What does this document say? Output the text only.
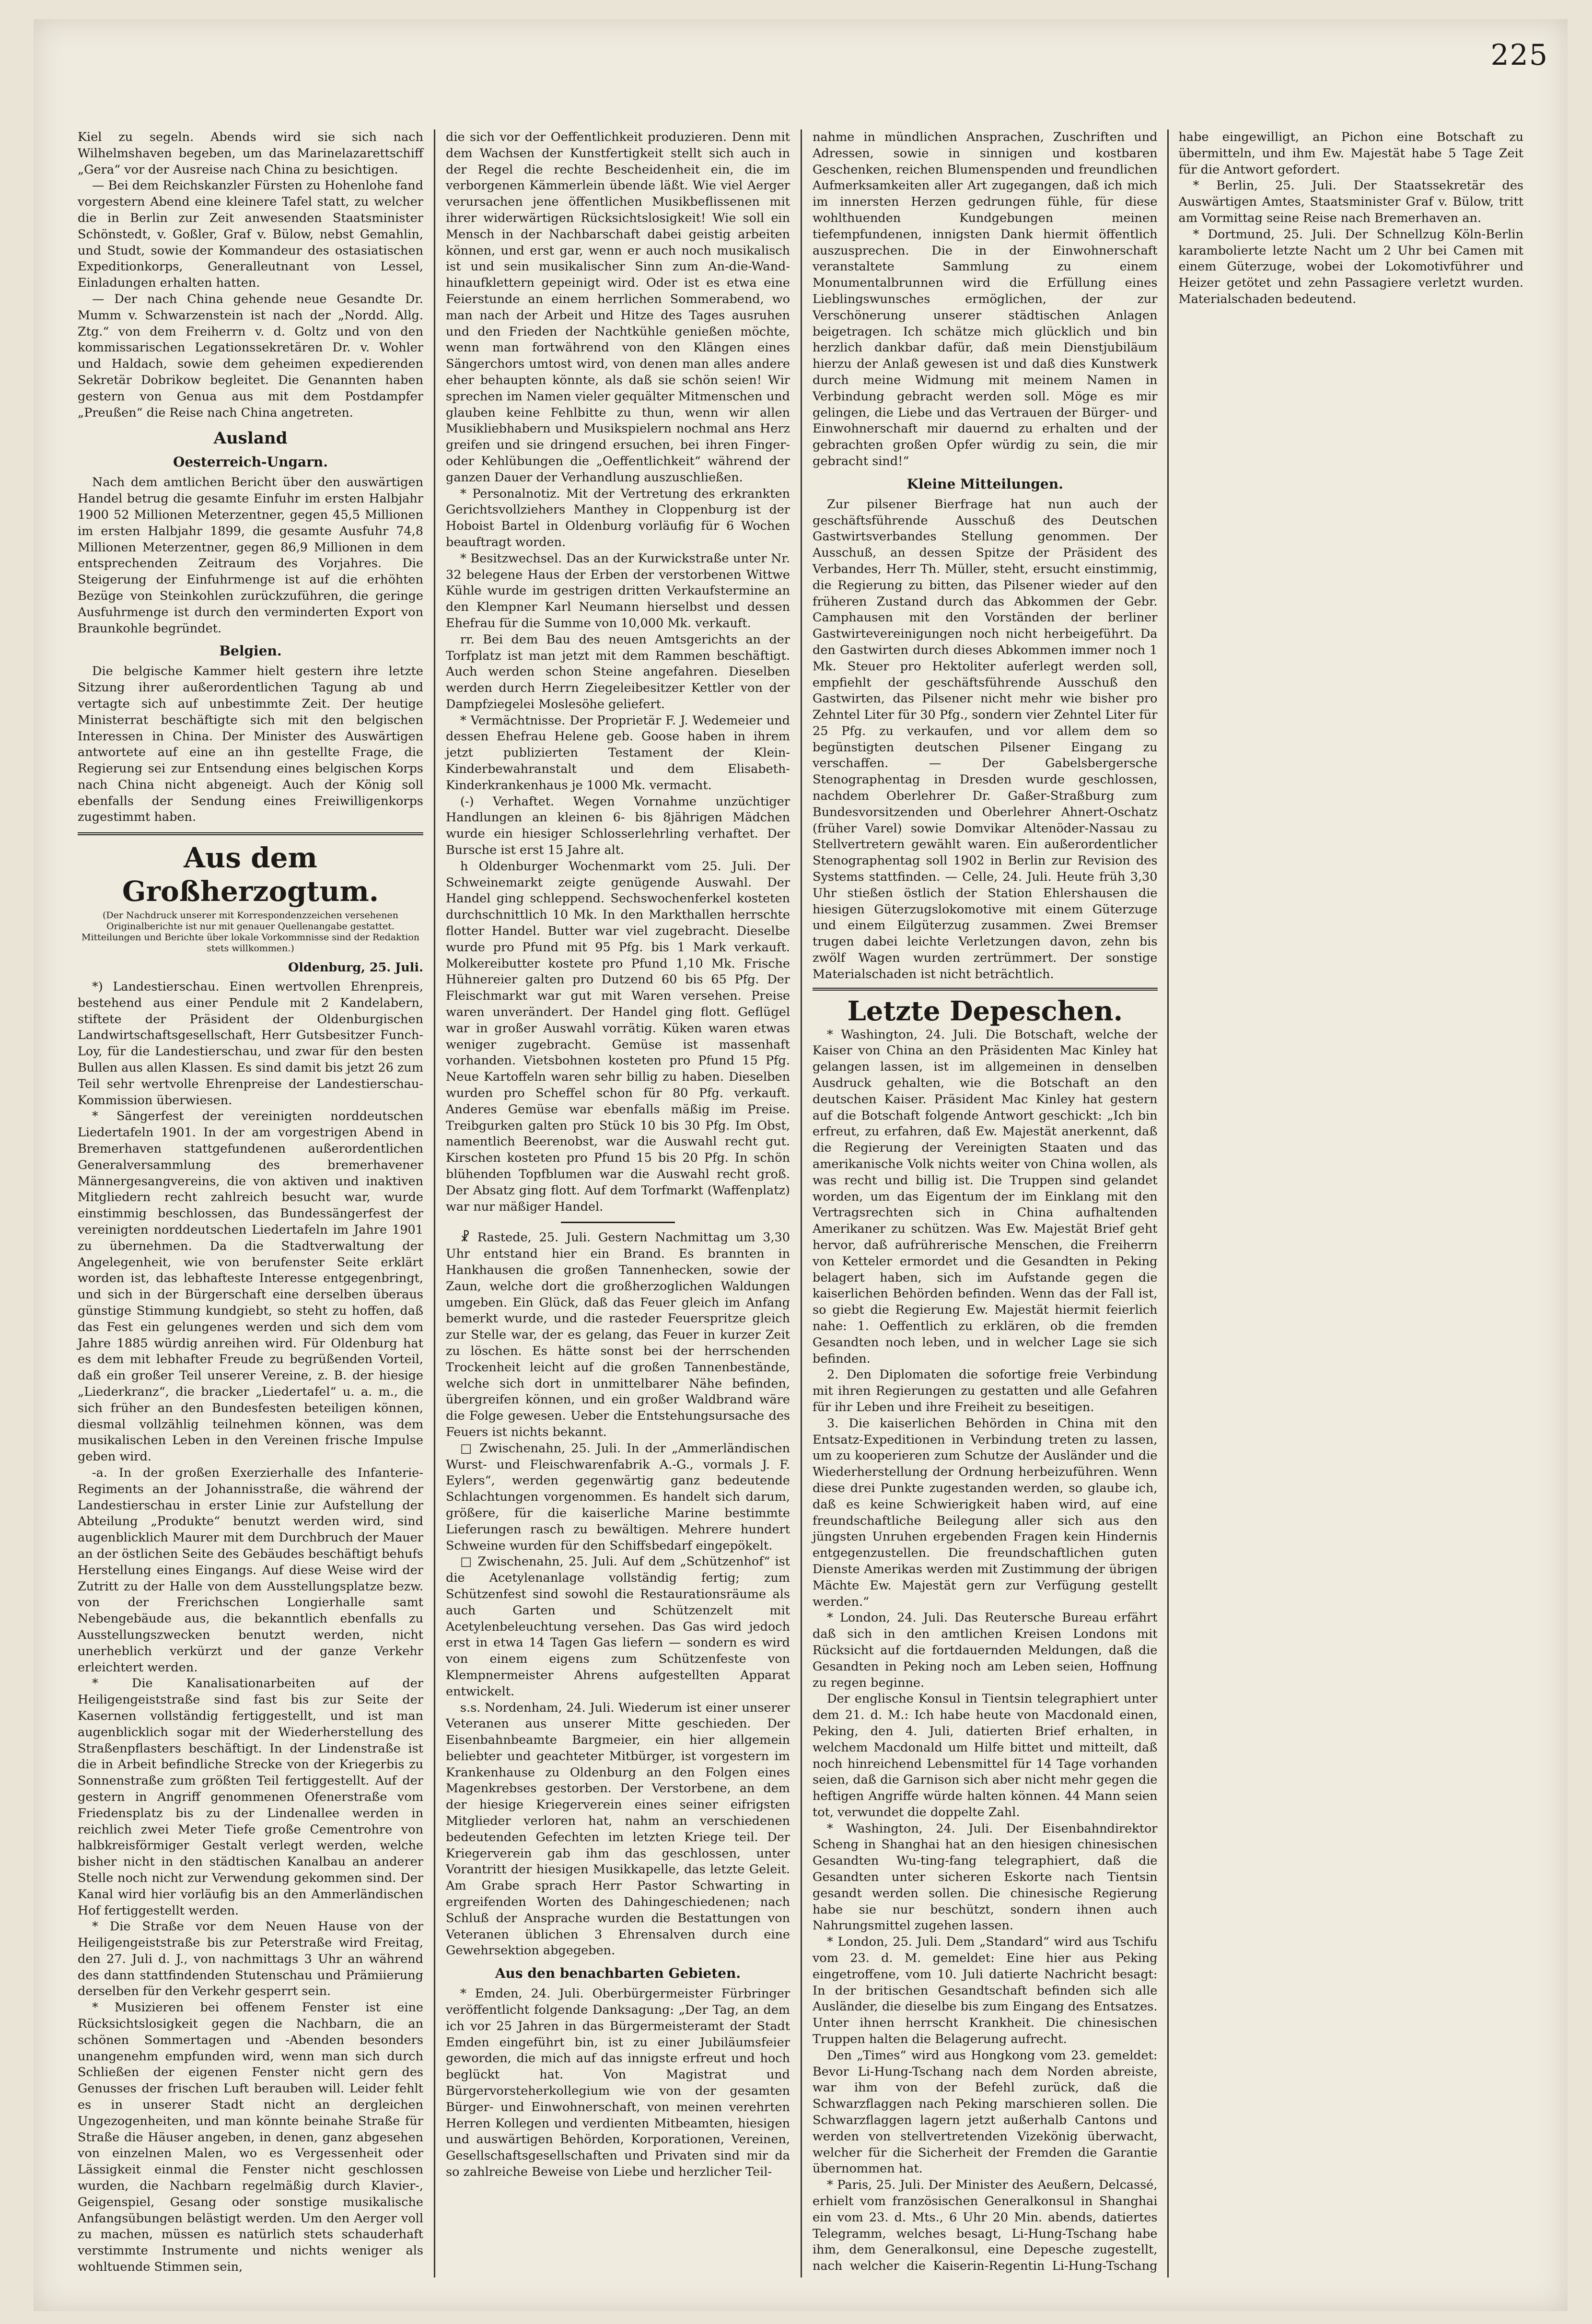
225

Kiel zu segeln. Abends wird sie sich nach Wilhelmshaven begeben, um das Marinelazarettschiff „Gera“ vor der Ausreise nach China zu besichtigen.

— Bei dem Reichskanzler Fürsten zu Hohenlohe fand vorgestern Abend eine kleinere Tafel statt, zu welcher die in Berlin zur Zeit anwesenden Staatsminister Schönstedt, v. Goßler, Graf v. Bülow, nebst Gemahlin, und Studt, sowie der Kommandeur des ostasiatischen Expeditionkorps, Generalleutnant von Lessel, Einladungen erhalten hatten.

— Der nach China gehende neue Gesandte Dr. Mumm v. Schwarzenstein ist nach der „Nordd. Allg. Ztg.“ von dem Freiherrn v. d. Goltz und von den kommissarischen Legationssekretären Dr. v. Wohler und Haldach, sowie dem geheimen expedierenden Sekretär Dobrikow begleitet. Die Genannten haben gestern von Genua aus mit dem Postdampfer „Preußen“ die Reise nach China angetreten.

Ausland
Oesterreich-Ungarn.

Nach dem amtlichen Bericht über den auswärtigen Handel betrug die gesamte Einfuhr im ersten Halbjahr 1900 52 Millionen Meterzentner, gegen 45,5 Millionen im ersten Halbjahr 1899, die gesamte Ausfuhr 74,8 Millionen Meterzentner, gegen 86,9 Millionen in dem entsprechenden Zeitraum des Vorjahres. Die Steigerung der Einfuhrmenge ist auf die erhöhten Bezüge von Steinkohlen zurückzuführen, die geringe Ausfuhrmenge ist durch den verminderten Export von Braunkohle begründet.

Belgien.

Die belgische Kammer hielt gestern ihre letzte Sitzung ihrer außerordentlichen Tagung ab und vertagte sich auf unbestimmte Zeit. Der heutige Ministerrat beschäftigte sich mit den belgischen Interessen in China. Der Minister des Auswärtigen antwortete auf eine an ihn gestellte Frage, die Regierung sei zur Entsendung eines belgischen Korps nach China nicht abgeneigt. Auch der König soll ebenfalls der Sendung eines Freiwilligenkorps zugestimmt haben.

Aus dem Großherzogtum.
(Der Nachdruck unserer mit Korrespondenzzeichen versehenen Originalberichte ist nur mit genauer Quellenangabe gestattet. Mitteilungen und Berichte über lokale Vorkommnisse sind der Redaktion stets willkommen.)
Oldenburg, 25. Juli.

*) Landestierschau. Einen wertvollen Ehrenpreis, bestehend aus einer Pendule mit 2 Kandelabern, stiftete der Präsident der Oldenburgischen Landwirtschaftsgesellschaft, Herr Gutsbesitzer Funch-Loy, für die Landestierschau, und zwar für den besten Bullen aus allen Klassen. Es sind damit bis jetzt 26 zum Teil sehr wertvolle Ehrenpreise der Landestierschau-Kommission überwiesen.

* Sängerfest der vereinigten norddeutschen Liedertafeln 1901. In der am vorgestrigen Abend in Bremerhaven stattgefundenen außerordentlichen Generalversammlung des bremerhavener Männergesangvereins, die von aktiven und inaktiven Mitgliedern recht zahlreich besucht war, wurde einstimmig beschlossen, das Bundessängerfest der vereinigten norddeutschen Liedertafeln im Jahre 1901 zu übernehmen. Da die Stadtverwaltung der Angelegenheit, wie von berufenster Seite erklärt worden ist, das lebhafteste Interesse entgegenbringt, und sich in der Bürgerschaft eine derselben überaus günstige Stimmung kundgiebt, so steht zu hoffen, daß das Fest ein gelungenes werden und sich dem vom Jahre 1885 würdig anreihen wird. Für Oldenburg hat es dem mit lebhafter Freude zu begrüßenden Vorteil, daß ein großer Teil unserer Vereine, z. B. der hiesige „Liederkranz“, die bracker „Liedertafel“ u. a. m., die sich früher an den Bundesfesten beteiligen können, diesmal vollzählig teilnehmen können, was dem musikalischen Leben in den Vereinen frische Impulse geben wird.

-a. In der großen Exerzierhalle des Infanterie-Regiments an der Johannisstraße, die während der Landestierschau in erster Linie zur Aufstellung der Abteilung „Produkte“ benutzt werden wird, sind augenblicklich Maurer mit dem Durchbruch der Mauer an der östlichen Seite des Gebäudes beschäftigt behufs Herstellung eines Eingangs. Auf diese Weise wird der Zutritt zu der Halle von dem Ausstellungsplatze bezw. von der Frerichschen Longierhalle samt Nebengebäude aus, die bekanntlich ebenfalls zu Ausstellungszwecken benutzt werden, nicht unerheblich verkürzt und der ganze Verkehr erleichtert werden.

* Die Kanalisationarbeiten auf der Heiligengeiststraße sind fast bis zur Seite der Kasernen vollständig fertiggestellt, und ist man augenblicklich sogar mit der Wiederherstellung des Straßenpflasters beschäftigt. In der Lindenstraße ist die in Arbeit befindliche Strecke von der Kriegerbis zu Sonnenstraße zum größten Teil fertiggestellt. Auf der gestern in Angriff genommenen Ofenerstraße vom Friedensplatz bis zu der Lindenallee werden in reichlich zwei Meter Tiefe große Cementrohre von halbkreisförmiger Gestalt verlegt werden, welche bisher nicht in den städtischen Kanalbau an anderer Stelle noch nicht zur Verwendung gekommen sind. Der Kanal wird hier vorläufig bis an den Ammerländischen Hof fertiggestellt werden.

* Die Straße vor dem Neuen Hause von der Heiligengeiststraße bis zur Peterstraße wird Freitag, den 27. Juli d. J., von nachmittags 3 Uhr an während des dann stattfindenden Stutenschau und Prämiierung derselben für den Verkehr gesperrt sein.

* Musizieren bei offenem Fenster ist eine Rücksichtslosigkeit gegen die Nachbarn, die an schönen Sommertagen und -Abenden besonders unangenehm empfunden wird, wenn man sich durch Schließen der eigenen Fenster nicht gern des Genusses der frischen Luft berauben will. Leider fehlt es in unserer Stadt nicht an dergleichen Ungezogenheiten, und man könnte beinahe Straße für Straße die Häuser angeben, in denen, ganz abgesehen von einzelnen Malen, wo es Vergessenheit oder Lässigkeit einmal die Fenster nicht geschlossen wurden, die Nachbarn regelmäßig durch Klavier-, Geigenspiel, Gesang oder sonstige musikalische Anfangsübungen belästigt werden. Um den Aerger voll zu machen, müssen es natürlich stets schauderhaft verstimmte Instrumente und nichts weniger als wohltuende Stimmen sein,

die sich vor der Oeffentlichkeit produzieren. Denn mit dem Wachsen der Kunstfertigkeit stellt sich auch in der Regel die rechte Bescheidenheit ein, die im verborgenen Kämmerlein übende läßt. Wie viel Aerger verursachen jene öffentlichen Musikbeflissenen mit ihrer widerwärtigen Rücksichtslosigkeit! Wie soll ein Mensch in der Nachbarschaft dabei geistig arbeiten können, und erst gar, wenn er auch noch musikalisch ist und sein musikalischer Sinn zum An-die-Wand-hinaufklettern gepeinigt wird. Oder ist es etwa eine Feierstunde an einem herrlichen Sommerabend, wo man nach der Arbeit und Hitze des Tages ausruhen und den Frieden der Nachtkühle genießen möchte, wenn man fortwährend von den Klängen eines Sängerchors umtost wird, von denen man alles andere eher behaupten könnte, als daß sie schön seien! Wir sprechen im Namen vieler gequälter Mitmenschen und glauben keine Fehlbitte zu thun, wenn wir allen Musikliebhabern und Musikspielern nochmal ans Herz greifen und sie dringend ersuchen, bei ihren Finger- oder Kehlübungen die „Oeffentlichkeit“ während der ganzen Dauer der Verhandlung auszuschließen.

* Personalnotiz. Mit der Vertretung des erkrankten Gerichtsvollziehers Manthey in Cloppenburg ist der Hoboist Bartel in Oldenburg vorläufig für 6 Wochen beauftragt worden.

* Besitzwechsel. Das an der Kurwickstraße unter Nr. 32 belegene Haus der Erben der verstorbenen Wittwe Kühle wurde im gestrigen dritten Verkaufstermine an den Klempner Karl Neumann hierselbst und dessen Ehefrau für die Summe von 10,000 Mk. verkauft.

rr. Bei dem Bau des neuen Amtsgerichts an der Torfplatz ist man jetzt mit dem Rammen beschäftigt. Auch werden schon Steine angefahren. Dieselben werden durch Herrn Ziegeleibesitzer Kettler von der Dampfziegelei Moslesöhe geliefert.

* Vermächtnisse. Der Proprietär F. J. Wedemeier und dessen Ehefrau Helene geb. Goose haben in ihrem jetzt publizierten Testament der Klein-Kinderbewahranstalt und dem Elisabeth-Kinderkrankenhaus je 1000 Mk. vermacht.

(-) Verhaftet. Wegen Vornahme unzüchtiger Handlungen an kleinen 6- bis 8jährigen Mädchen wurde ein hiesiger Schlosserlehrling verhaftet. Der Bursche ist erst 15 Jahre alt.

h Oldenburger Wochenmarkt vom 25. Juli. Der Schweinemarkt zeigte genügende Auswahl. Der Handel ging schleppend. Sechswochenferkel kosteten durchschnittlich 10 Mk. In den Markthallen herrschte flotter Handel. Butter war viel zugebracht. Dieselbe wurde pro Pfund mit 95 Pfg. bis 1 Mark verkauft. Molkereibutter kostete pro Pfund 1,10 Mk. Frische Hühnereier galten pro Dutzend 60 bis 65 Pfg. Der Fleischmarkt war gut mit Waren versehen. Preise waren unverändert. Der Handel ging flott. Geflügel war in großer Auswahl vorrätig. Küken waren etwas weniger zugebracht. Gemüse ist massenhaft vorhanden. Vietsbohnen kosteten pro Pfund 15 Pfg. Neue Kartoffeln waren sehr billig zu haben. Dieselben wurden pro Scheffel schon für 80 Pfg. verkauft. Anderes Gemüse war ebenfalls mäßig im Preise. Treibgurken galten pro Stück 10 bis 30 Pfg. Im Obst, namentlich Beerenobst, war die Auswahl recht gut. Kirschen kosteten pro Pfund 15 bis 20 Pfg. In schön blühenden Topfblumen war die Auswahl recht groß. Der Absatz ging flott. Auf dem Torfmarkt (Waffenplatz) war nur mäßiger Handel.

☧ Rastede, 25. Juli. Gestern Nachmittag um 3,30 Uhr entstand hier ein Brand. Es brannten in Hankhausen die großen Tannenhecken, sowie der Zaun, welche dort die großherzoglichen Waldungen umgeben. Ein Glück, daß das Feuer gleich im Anfang bemerkt wurde, und die rasteder Feuerspritze gleich zur Stelle war, der es gelang, das Feuer in kurzer Zeit zu löschen. Es hätte sonst bei der herrschenden Trockenheit leicht auf die großen Tannenbestände, welche sich dort in unmittelbarer Nähe befinden, übergreifen können, und ein großer Waldbrand wäre die Folge gewesen. Ueber die Entstehungsursache des Feuers ist nichts bekannt.

□ Zwischenahn, 25. Juli. In der „Ammerländischen Wurst- und Fleischwarenfabrik A.-G., vormals J. F. Eylers“, werden gegenwärtig ganz bedeutende Schlachtungen vorgenommen. Es handelt sich darum, größere, für die kaiserliche Marine bestimmte Lieferungen rasch zu bewältigen. Mehrere hundert Schweine wurden für den Schiffsbedarf eingepökelt.

□ Zwischenahn, 25. Juli. Auf dem „Schützenhof“ ist die Acetylenanlage vollständig fertig; zum Schützenfest sind sowohl die Restaurationsräume als auch Garten und Schützenzelt mit Acetylenbeleuchtung versehen. Das Gas wird jedoch erst in etwa 14 Tagen Gas liefern — sondern es wird von einem eigens zum Schützenfeste von Klempnermeister Ahrens aufgestellten Apparat entwickelt.

s.s. Nordenham, 24. Juli. Wiederum ist einer unserer Veteranen aus unserer Mitte geschieden. Der Eisenbahnbeamte Bargmeier, ein hier allgemein beliebter und geachteter Mitbürger, ist vorgestern im Krankenhause zu Oldenburg an den Folgen eines Magenkrebses gestorben. Der Verstorbene, an dem der hiesige Kriegerverein eines seiner eifrigsten Mitglieder verloren hat, nahm an verschiedenen bedeutenden Gefechten im letzten Kriege teil. Der Kriegerverein gab ihm das geschlossen, unter Vorantritt der hiesigen Musikkapelle, das letzte Geleit. Am Grabe sprach Herr Pastor Schwarting in ergreifenden Worten des Dahingeschiedenen; nach Schluß der Ansprache wurden die Bestattungen von Veteranen üblichen 3 Ehrensalven durch eine Gewehrsektion abgegeben.

Aus den benachbarten Gebieten.

* Emden, 24. Juli. Oberbürgermeister Fürbringer veröffentlicht folgende Danksagung: „Der Tag, an dem ich vor 25 Jahren in das Bürgermeisteramt der Stadt Emden eingeführt bin, ist zu einer Jubiläumsfeier geworden, die mich auf das innigste erfreut und hoch beglückt hat. Von Magistrat und Bürgervorsteherkollegium wie von der gesamten Bürger- und Einwohnerschaft, von meinen verehrten Herren Kollegen und verdienten Mitbeamten, hiesigen und auswärtigen Behörden, Korporationen, Vereinen, Gesellschaftsgesellschaften und Privaten sind mir da so zahlreiche Beweise von Liebe und herzlicher Teil-

nahme in mündlichen Ansprachen, Zuschriften und Adressen, sowie in sinnigen und kostbaren Geschenken, reichen Blumenspenden und freundlichen Aufmerksamkeiten aller Art zugegangen, daß ich mich im innersten Herzen gedrungen fühle, für diese wohlthuenden Kundgebungen meinen tiefempfundenen, innigsten Dank hiermit öffentlich auszusprechen. Die in der Einwohnerschaft veranstaltete Sammlung zu einem Monumentalbrunnen wird die Erfüllung eines Lieblingswunsches ermöglichen, der zur Verschönerung unserer städtischen Anlagen beigetragen. Ich schätze mich glücklich und bin herzlich dankbar dafür, daß mein Dienstjubiläum hierzu der Anlaß gewesen ist und daß dies Kunstwerk durch meine Widmung mit meinem Namen in Verbindung gebracht werden soll. Möge es mir gelingen, die Liebe und das Vertrauen der Bürger- und Einwohnerschaft mir dauernd zu erhalten und der gebrachten großen Opfer würdig zu sein, die mir gebracht sind!“

Kleine Mitteilungen.

Zur pilsener Bierfrage hat nun auch der geschäftsführende Ausschuß des Deutschen Gastwirtsverbandes Stellung genommen. Der Ausschuß, an dessen Spitze der Präsident des Verbandes, Herr Th. Müller, steht, ersucht einstimmig, die Regierung zu bitten, das Pilsener wieder auf den früheren Zustand durch das Abkommen der Gebr. Camphausen mit den Vorständen der berliner Gastwirtevereinigungen noch nicht herbeigeführt. Da den Gastwirten durch dieses Abkommen immer noch 1 Mk. Steuer pro Hektoliter auferlegt werden soll, empfiehlt der geschäftsführende Ausschuß den Gastwirten, das Pilsener nicht mehr wie bisher pro Zehntel Liter für 30 Pfg., sondern vier Zehntel Liter für 25 Pfg. zu verkaufen, und vor allem dem so begünstigten deutschen Pilsener Eingang zu verschaffen. — Der Gabelsbergersche Stenographentag in Dresden wurde geschlossen, nachdem Oberlehrer Dr. Gaßer-Straßburg zum Bundesvorsitzenden und Oberlehrer Ahnert-Oschatz (früher Varel) sowie Domvikar Altenöder-Nassau zu Stellvertretern gewählt waren. Ein außerordentlicher Stenographentag soll 1902 in Berlin zur Revision des Systems stattfinden. — Celle, 24. Juli. Heute früh 3,30 Uhr stießen östlich der Station Ehlershausen die hiesigen Güterzugslokomotive mit einem Güterzuge und einem Eilgüterzug zusammen. Zwei Bremser trugen dabei leichte Verletzungen davon, zehn bis zwölf Wagen wurden zertrümmert. Der sonstige Materialschaden ist nicht beträchtlich.

Letzte Depeschen.

* Washington, 24. Juli. Die Botschaft, welche der Kaiser von China an den Präsidenten Mac Kinley hat gelangen lassen, ist im allgemeinen in denselben Ausdruck gehalten, wie die Botschaft an den deutschen Kaiser. Präsident Mac Kinley hat gestern auf die Botschaft folgende Antwort geschickt: „Ich bin erfreut, zu erfahren, daß Ew. Majestät anerkennt, daß die Regierung der Vereinigten Staaten und das amerikanische Volk nichts weiter von China wollen, als was recht und billig ist. Die Truppen sind gelandet worden, um das Eigentum der im Einklang mit den Vertragsrechten sich in China aufhaltenden Amerikaner zu schützen. Was Ew. Majestät Brief geht hervor, daß aufrührerische Menschen, die Freiherrn von Ketteler ermordet und die Gesandten in Peking belagert haben, sich im Aufstande gegen die kaiserlichen Behörden befinden. Wenn das der Fall ist, so giebt die Regierung Ew. Majestät hiermit feierlich nahe: 1. Oeffentlich zu erklären, ob die fremden Gesandten noch leben, und in welcher Lage sie sich befinden.

2. Den Diplomaten die sofortige freie Verbindung mit ihren Regierungen zu gestatten und alle Gefahren für ihr Leben und ihre Freiheit zu beseitigen.

3. Die kaiserlichen Behörden in China mit den Entsatz-Expeditionen in Verbindung treten zu lassen, um zu kooperieren zum Schutze der Ausländer und die Wiederherstellung der Ordnung herbeizuführen. Wenn diese drei Punkte zugestanden werden, so glaube ich, daß es keine Schwierigkeit haben wird, auf eine freundschaftliche Beilegung aller sich aus den jüngsten Unruhen ergebenden Fragen kein Hindernis entgegenzustellen. Die freundschaftlichen guten Dienste Amerikas werden mit Zustimmung der übrigen Mächte Ew. Majestät gern zur Verfügung gestellt werden.“

* London, 24. Juli. Das Reutersche Bureau erfährt daß sich in den amtlichen Kreisen Londons mit Rücksicht auf die fortdauernden Meldungen, daß die Gesandten in Peking noch am Leben seien, Hoffnung zu regen beginne.

Der englische Konsul in Tientsin telegraphiert unter dem 21. d. M.: Ich habe heute von Macdonald einen, Peking, den 4. Juli, datierten Brief erhalten, in welchem Macdonald um Hilfe bittet und mitteilt, daß noch hinreichend Lebensmittel für 14 Tage vorhanden seien, daß die Garnison sich aber nicht mehr gegen die heftigen Angriffe würde halten können. 44 Mann seien tot, verwundet die doppelte Zahl.

* Washington, 24. Juli. Der Eisenbahndirektor Scheng in Shanghai hat an den hiesigen chinesischen Gesandten Wu-ting-fang telegraphiert, daß die Gesandten unter sicheren Eskorte nach Tientsin gesandt werden sollen. Die chinesische Regierung habe sie nur beschützt, sondern ihnen auch Nahrungsmittel zugehen lassen.

* London, 25. Juli. Dem „Standard“ wird aus Tschifu vom 23. d. M. gemeldet: Eine hier aus Peking eingetroffene, vom 10. Juli datierte Nachricht besagt: In der britischen Gesandtschaft befinden sich alle Ausländer, die dieselbe bis zum Eingang des Entsatzes. Unter ihnen herrscht Krankheit. Die chinesischen Truppen halten die Belagerung aufrecht.

Den „Times“ wird aus Hongkong vom 23. gemeldet: Bevor Li-Hung-Tschang nach dem Norden abreiste, war ihm von der Befehl zurück, daß die Schwarzflaggen nach Peking marschieren sollen. Die Schwarzflaggen lagern jetzt außerhalb Cantons und werden von stellvertretenden Vizekönig überwacht, welcher für die Sicherheit der Fremden die Garantie übernommen hat.

* Paris, 25. Juli. Der Minister des Aeußern, Delcassé, erhielt vom französischen Generalkonsul in Shanghai ein vom 23. d. Mts., 6 Uhr 20 Min. abends, datiertes Telegramm, welches besagt, Li-Hung-Tschang habe ihm, dem Generalkonsul, eine Depesche zugestellt, nach welcher die Kaiserin-Regentin Li-Hung-Tschang habe eingewilligt, an Pichon eine Botschaft zu übermitteln, und ihm Ew. Majestät habe 5 Tage Zeit für die Antwort gefordert.

* Berlin, 25. Juli. Der Staatssekretär des Auswärtigen Amtes, Staatsminister Graf v. Bülow, tritt am Vormittag seine Reise nach Bremerhaven an.

* Dortmund, 25. Juli. Der Schnellzug Köln-Berlin karambolierte letzte Nacht um 2 Uhr bei Camen mit einem Güterzuge, wobei der Lokomotivführer und Heizer getötet und zehn Passagiere verletzt wurden. Materialschaden bedeutend.
